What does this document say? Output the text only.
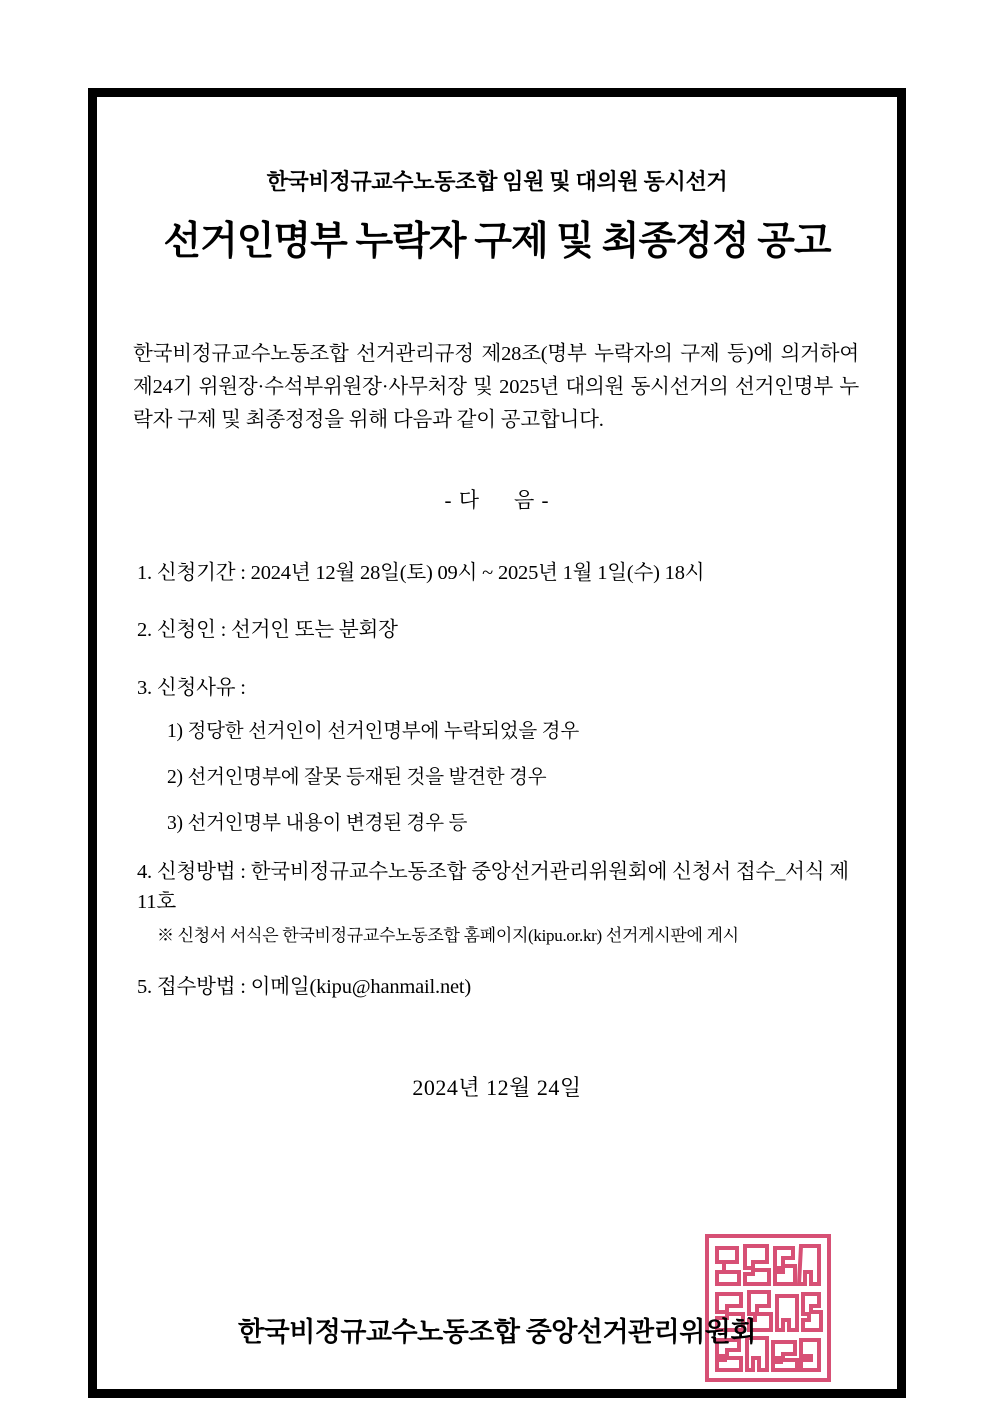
한국비정규교수노동조합 임원 및 대의원 동시선거
선거인명부 누락자 구제 및 최종정정 공고
한국비정규교수노동조합 선거관리규정 제28조(명부 누락자의 구제 등)에 의거하여 제24기 위원장·수석부위원장·사무처장 및 2025년 대의원 동시선거의 선거인명부 누락자 구제 및 최종정정을 위해 다음과 같이 공고합니다.
- 다 음 -
1. 신청기간 : 2024년 12월 28일(토) 09시 ~ 2025년 1월 1일(수) 18시
2. 신청인 : 선거인 또는 분회장
3. 신청사유 :
1) 정당한 선거인이 선거인명부에 누락되었을 경우
2) 선거인명부에 잘못 등재된 것을 발견한 경우
3) 선거인명부 내용이 변경된 경우 등
4. 신청방법 : 한국비정규교수노동조합 중앙선거관리위원회에 신청서 접수_서식 제11호
※ 신청서 서식은 한국비정규교수노동조합 홈페이지(kipu.or.kr) 선거게시판에 게시
5. 접수방법 : 이메일(kipu@hanmail.net)
2024년 12월 24일
한국비정규교수노동조합 중앙선거관리위원회
